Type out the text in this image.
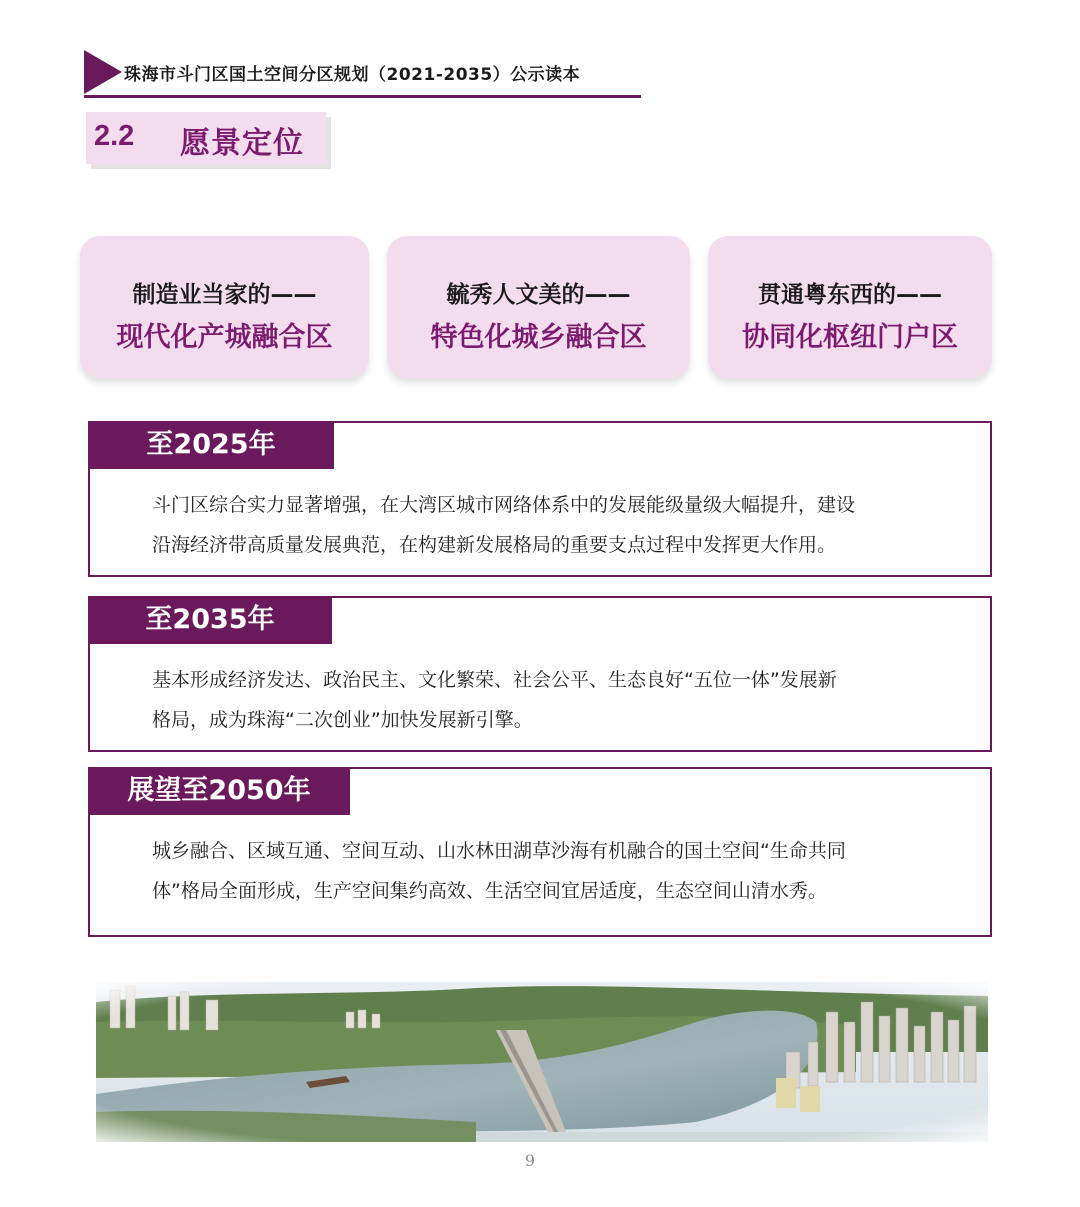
珠海市斗门区国土空间分区规划（2021-2035）公示读本
2.2 愿景定位
制造业当家的——
现代化产城融合区
毓秀人文美的——
特色化城乡融合区
贯通粤东西的——
协同化枢纽门户区
至2025年
斗门区综合实力显著增强，在大湾区城市网络体系中的发展能级量级大幅提升，建设
沿海经济带高质量发展典范，在构建新发展格局的重要支点过程中发挥更大作用。
至2035年
基本形成经济发达、政治民主、文化繁荣、社会公平、生态良好“五位一体”发展新
格局，成为珠海“二次创业”加快发展新引擎。
展望至2050年
城乡融合、区域互通、空间互动、山水林田湖草沙海有机融合的国土空间“生命共同
体”格局全面形成，生产空间集约高效、生活空间宜居适度，生态空间山清水秀。
9
